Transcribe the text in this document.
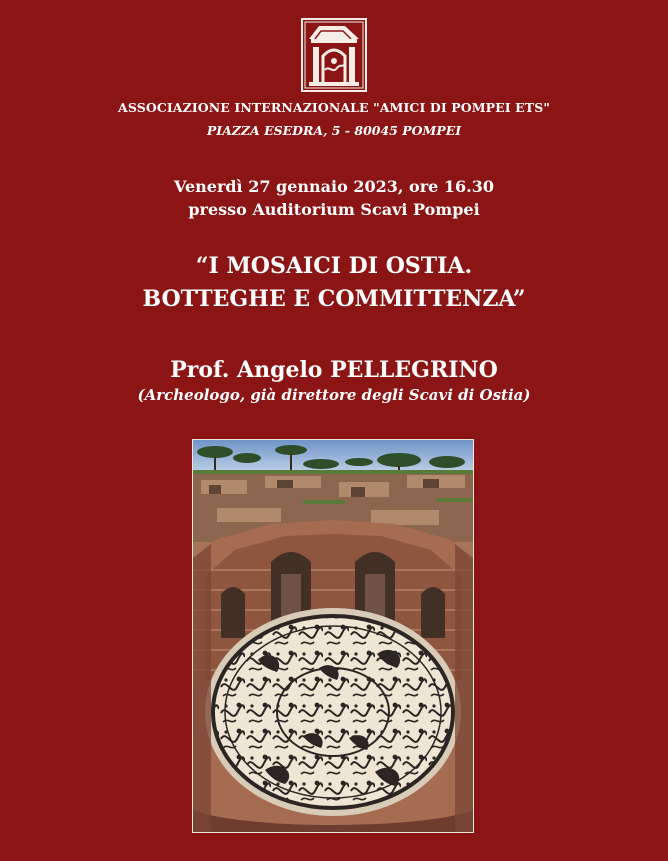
ASSOCIAZIONE INTERNAZIONALE "AMICI DI POMPEI ETS"
PIAZZA ESEDRA, 5 - 80045 POMPEI
Venerdì 27 gennaio 2023, ore 16.30
presso Auditorium Scavi Pompei
“I MOSAICI DI OSTIA.
BOTTEGHE E COMMITTENZA”
Prof. Angelo PELLEGRINO
(Archeologo, già direttore degli Scavi di Ostia)
